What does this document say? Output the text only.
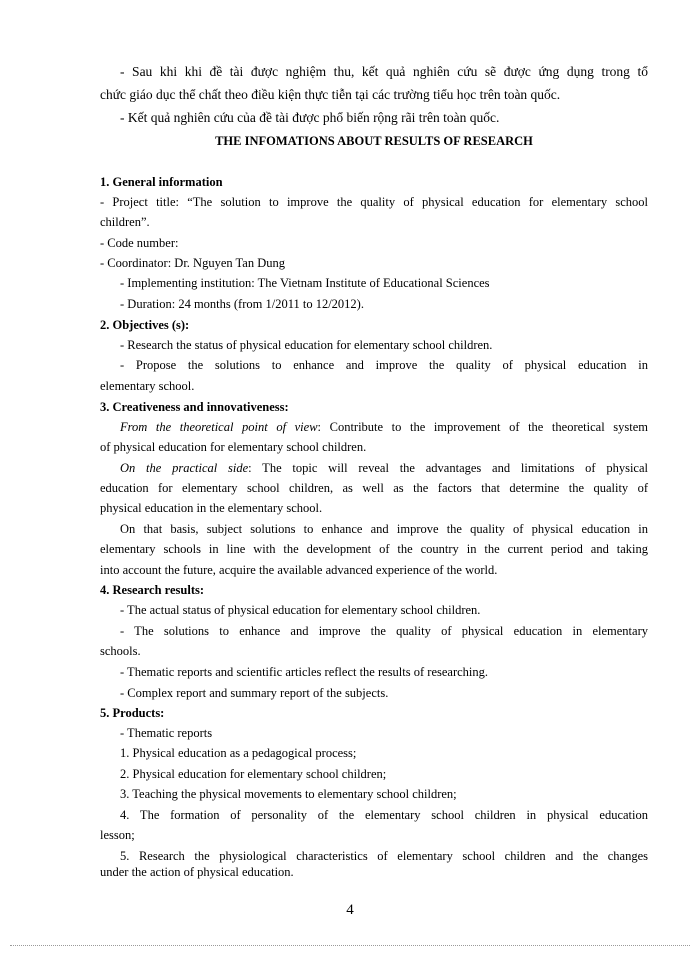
- Sau khi khi đề tài được nghiệm thu, kết quả nghiên cứu sẽ được ứng dụng trong tổ
chức giáo dục thể chất theo điều kiện thực tiễn tại các trường tiểu học trên toàn quốc.
- Kết quả nghiên cứu của đề tài được phổ biến rộng rãi trên toàn quốc.
THE INFOMATIONS ABOUT RESULTS OF RESEARCH
1. General information
- Project title: “The solution to improve the quality of physical education for elementary school
children”.
- Code number:
- Coordinator: Dr. Nguyen Tan Dung
- Implementing institution: The Vietnam Institute of Educational Sciences
- Duration: 24 months (from 1/2011 to 12/2012).
2. Objectives (s):
- Research the status of physical education for elementary school children.
- Propose the solutions to enhance and improve the quality of physical education in
elementary school.
3. Creativeness and innovativeness:
From the theoretical point of view: Contribute to the improvement of the theoretical system
of physical education for elementary school children.
On the practical side: The topic will reveal the advantages and limitations of physical
education for elementary school children, as well as the factors that determine the quality of
physical education in the elementary school.
On that basis, subject solutions to enhance and improve the quality of physical education in
elementary schools in line with the development of the country in the current period and taking
into account the future, acquire the available advanced experience of the world.
4. Research results:
- The actual status of physical education for elementary school children.
- The solutions to enhance and improve the quality of physical education in elementary
schools.
- Thematic reports and scientific articles reflect the results of researching.
- Complex report and summary report of the subjects.
5. Products:
- Thematic reports
1. Physical education as a pedagogical process;
2. Physical education for elementary school children;
3. Teaching the physical movements to elementary school children;
4. The formation of personality of the elementary school children in physical education
lesson;
5. Research the physiological characteristics of elementary school children and the changes
under the action of physical education.
4
